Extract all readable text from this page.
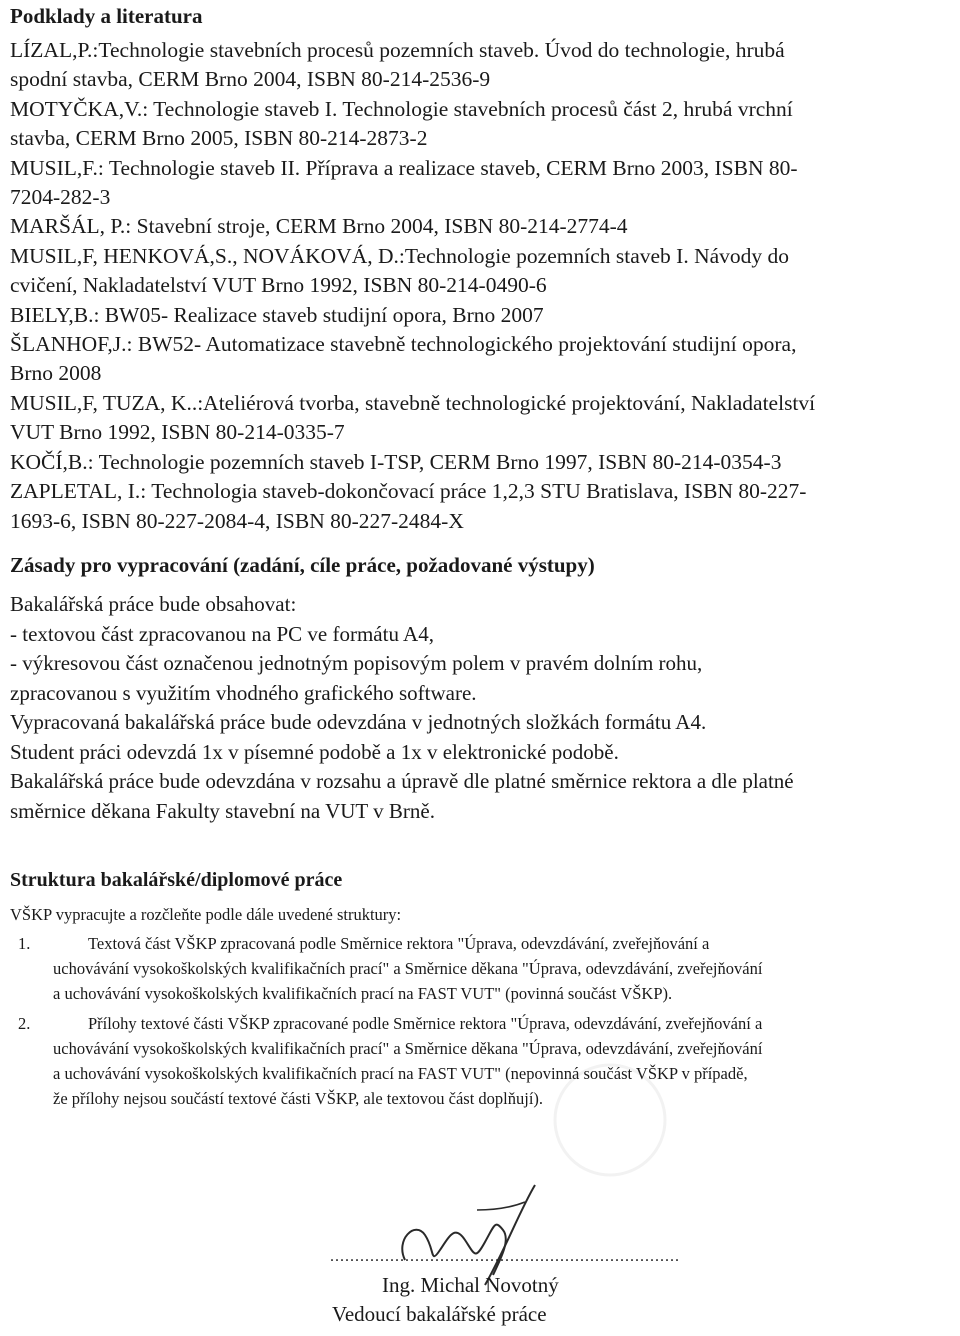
Podklady a literatura
LÍZAL,P.:Technologie stavebních procesů pozemních staveb. Úvod do technologie, hrubá
spodní stavba, CERM Brno 2004, ISBN 80-214-2536-9
MOTYČKA,V.: Technologie staveb I. Technologie stavebních procesů část 2, hrubá vrchní
stavba, CERM Brno 2005, ISBN 80-214-2873-2
MUSIL,F.: Technologie staveb II. Příprava a realizace staveb, CERM Brno 2003, ISBN 80-
7204-282-3
MARŠÁL, P.: Stavební stroje, CERM Brno 2004, ISBN 80-214-2774-4
MUSIL,F, HENKOVÁ,S., NOVÁKOVÁ, D.:Technologie pozemních staveb I. Návody do
cvičení, Nakladatelství VUT Brno 1992, ISBN 80-214-0490-6
BIELY,B.: BW05- Realizace staveb studijní opora, Brno 2007
ŠLANHOF,J.: BW52- Automatizace stavebně technologického projektování studijní opora,
Brno 2008
MUSIL,F, TUZA, K..:Ateliérová tvorba, stavebně technologické projektování, Nakladatelství
VUT Brno 1992, ISBN 80-214-0335-7
KOČÍ,B.: Technologie pozemních staveb I-TSP, CERM Brno 1997, ISBN 80-214-0354-3
ZAPLETAL, I.: Technologia staveb-dokončovací práce 1,2,3 STU Bratislava, ISBN 80-227-
1693-6, ISBN 80-227-2084-4, ISBN 80-227-2484-X
Zásady pro vypracování (zadání, cíle práce, požadované výstupy)
Bakalářská práce bude obsahovat:
- textovou část zpracovanou na PC ve formátu A4,
- výkresovou část označenou jednotným popisovým polem v pravém dolním rohu,
zpracovanou s využitím vhodného grafického software.
Vypracovaná bakalářská práce bude odevzdána v jednotných složkách formátu A4.
Student práci odevzdá 1x v písemné podobě a 1x v elektronické podobě.
Bakalářská práce bude odevzdána v rozsahu a úpravě dle platné směrnice rektora a dle platné
směrnice děkana Fakulty stavební na VUT v Brně.
Struktura bakalářské/diplomové práce
VŠKP vypracujte a rozčleňte podle dále uvedené struktury:
1.	Textová část VŠKP zpracovaná podle Směrnice rektora "Úprava, odevzdávání, zveřejňování a
uchovávání vysokoškolských kvalifikačních prací" a Směrnice děkana "Úprava, odevzdávání, zveřejňování
a uchovávání vysokoškolských kvalifikačních prací na FAST VUT" (povinná součást VŠKP).
2.	Přílohy textové části VŠKP zpracované podle Směrnice rektora "Úprava, odevzdávání, zveřejňování a
uchovávání vysokoškolských kvalifikačních prací" a Směrnice děkana "Úprava, odevzdávání, zveřejňování
a uchovávání vysokoškolských kvalifikačních prací na FAST VUT" (nepovinná součást VŠKP v případě,
že přílohy nejsou součástí textové části VŠKP, ale textovou část doplňují).
......................................................................
Ing. Michal Novotný
Vedoucí bakalářské práce
